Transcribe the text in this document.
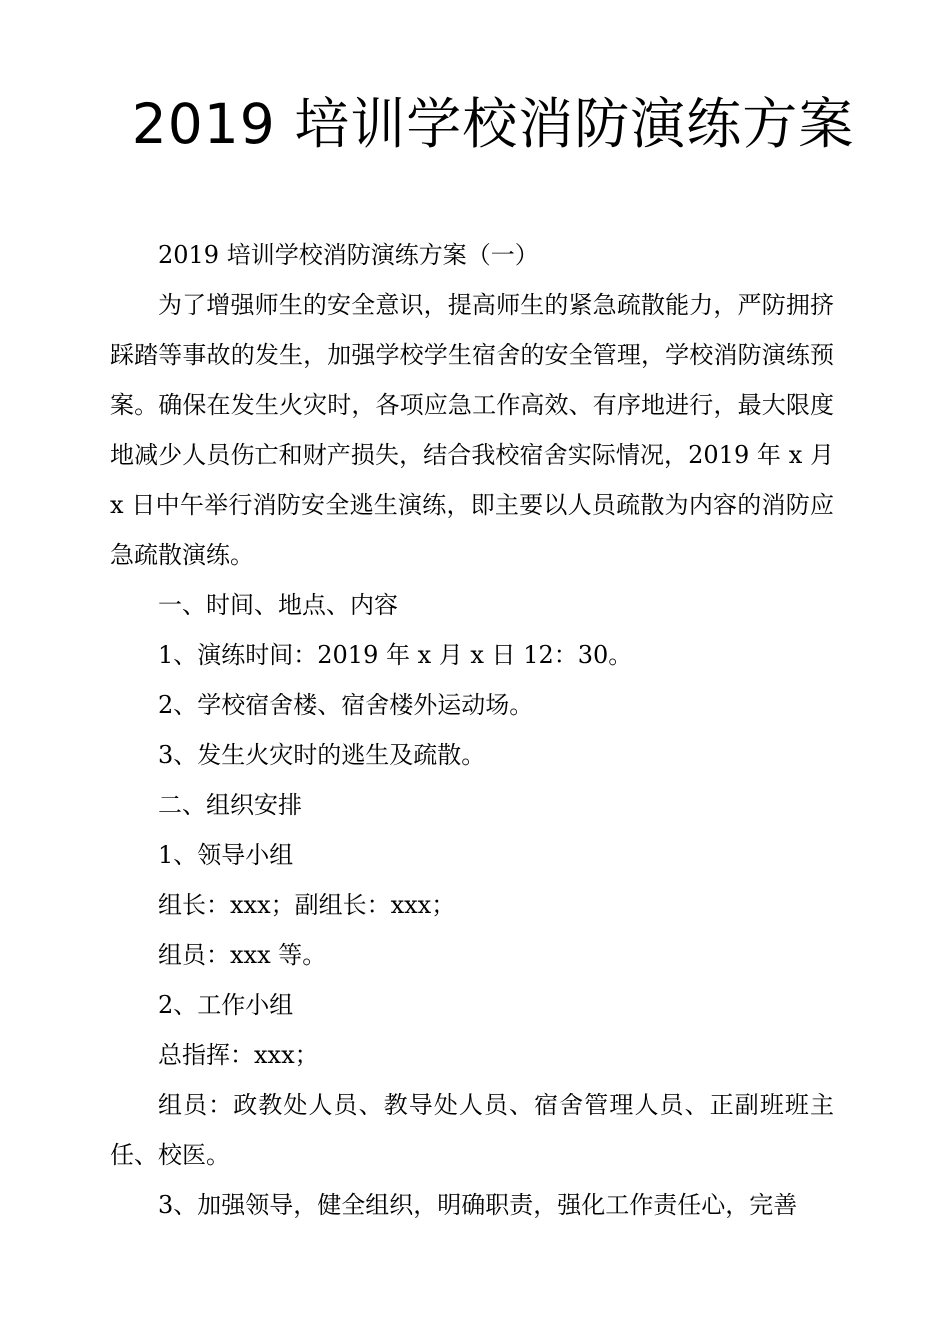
2019 培训学校消防演练方案

2019 培训学校消防演练方案（一）

为了增强师生的安全意识，提高师生的紧急疏散能力，严防拥挤踩踏等事故的发生，加强学校学生宿舍的安全管理，学校消防演练预案。确保在发生火灾时，各项应急工作高效、有序地进行，最大限度地减少人员伤亡和财产损失，结合我校宿舍实际情况，2019 年 x 月 x 日中午举行消防安全逃生演练，即主要以人员疏散为内容的消防应急疏散演练。

一、时间、地点、内容

1、演练时间：2019 年 x 月 x 日 12：30。

2、学校宿舍楼、宿舍楼外运动场。

3、发生火灾时的逃生及疏散。

二、组织安排

1、领导小组

组长：xxx；副组长：xxx；

组员：xxx 等。

2、工作小组

总指挥：xxx；

组员：政教处人员、教导处人员、宿舍管理人员、正副班班主任、校医。

3、加强领导，健全组织，明确职责，强化工作责任心，完善
